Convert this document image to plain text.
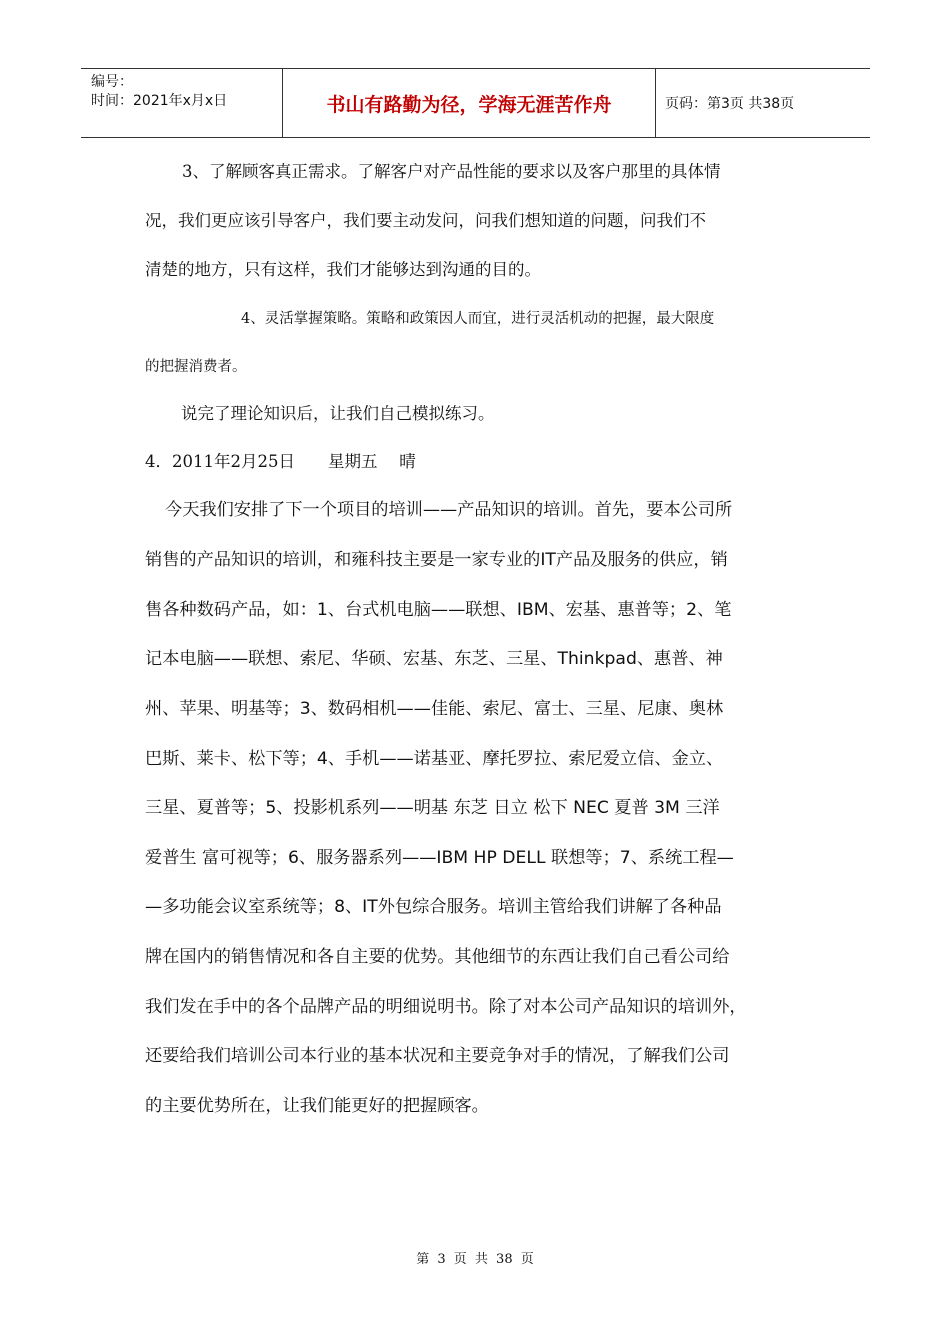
编号：
时间：2021年x月x日	书山有路勤为径，学海无涯苦作舟	页码：第3页 共38页
3、了解顾客真正需求。了解客户对产品性能的要求以及客户那里的具体情
况，我们更应该引导客户，我们要主动发问，问我们想知道的问题，问我们不
清楚的地方，只有这样，我们才能够达到沟通的目的。
4、灵活掌握策略。策略和政策因人而宜，进行灵活机动的把握，最大限度
的把握消费者。
说完了理论知识后，让我们自己模拟练习。
4．2011年2月25日　　星期五　 晴
今天我们安排了下一个项目的培训——产品知识的培训。首先，要本公司所
销售的产品知识的培训，和雍科技主要是一家专业的IT产品及服务的供应，销
售各种数码产品，如：1、台式机电脑——联想、IBM、宏基、惠普等；2、笔
记本电脑——联想、索尼、华硕、宏基、东芝、三星、Thinkpad、惠普、神
州、苹果、明基等；3、数码相机——佳能、索尼、富士、三星、尼康、奥林
巴斯、莱卡、松下等；4、手机——诺基亚、摩托罗拉、索尼爱立信、金立、
三星、夏普等；5、投影机系列——明基 东芝 日立 松下 NEC 夏普 3M 三洋
爱普生 富可视等；6、服务器系列——IBM HP DELL 联想等；7、系统工程—
—多功能会议室系统等；8、IT外包综合服务。培训主管给我们讲解了各种品
牌在国内的销售情况和各自主要的优势。其他细节的东西让我们自己看公司给
我们发在手中的各个品牌产品的明细说明书。除了对本公司产品知识的培训外，
还要给我们培训公司本行业的基本状况和主要竞争对手的情况，了解我们公司
的主要优势所在，让我们能更好的把握顾客。
第 3 页 共 38 页
